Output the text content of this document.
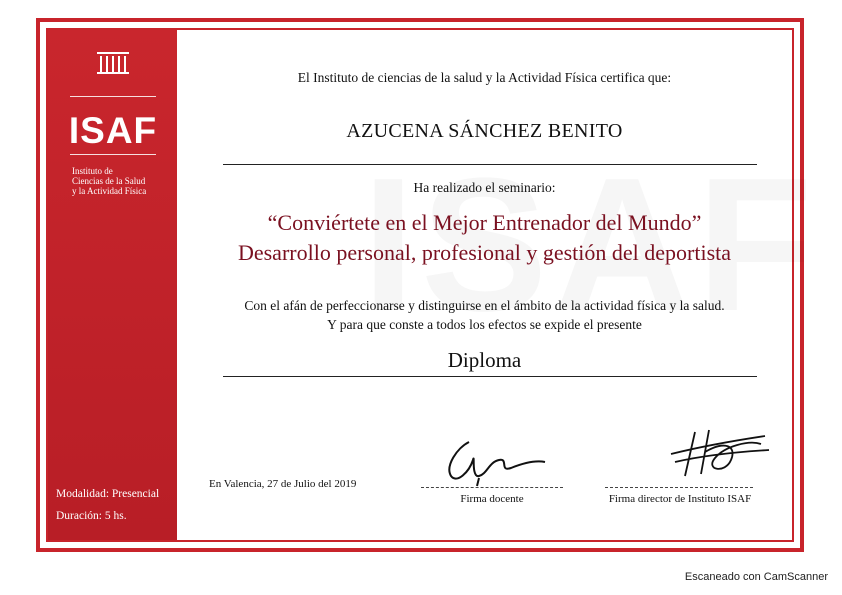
ISAF
Instituto de
Ciencias de la Salud
y la Actividad Física
Modalidad: Presencial
Duración: 5 hs.
El Instituto de ciencias de la salud y la Actividad Física certifica que:
AZUCENA SÁNCHEZ BENITO
Ha realizado el seminario:
“Conviértete en el Mejor Entrenador del Mundo”
Desarrollo personal, profesional y gestión del deportista
Con el afán de perfeccionarse y distinguirse en el ámbito de la actividad física y la salud.
Y para que conste a todos los efectos se expide el presente
Diploma
En Valencia, 27 de Julio del 2019
Firma docente	Firma director de Instituto ISAF
Escaneado con CamScanner
